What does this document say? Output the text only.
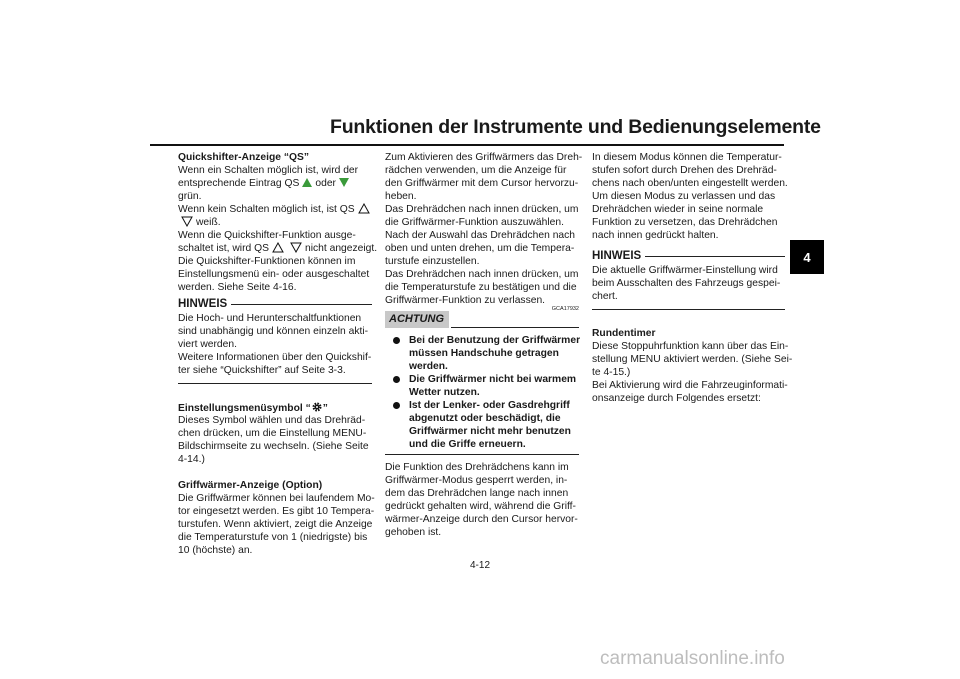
Funktionen der Instrumente und Bedienungselemente
4
Quickshifter-Anzeige “QS”
Wenn ein Schalten möglich ist, wird der
entsprechende Eintrag QS oder
grün.
Wenn kein Schalten möglich ist, ist QS
weiß.
Wenn die Quickshifter-Funktion ausge-
schaltet ist, wird QS	nicht angezeigt.
Die Quickshifter-Funktionen können im
Einstellungsmenü ein- oder ausgeschaltet
werden. Siehe Seite 4-16.
HINWEIS
Die Hoch- und Herunterschaltfunktionen
sind unabhängig und können einzeln akti-
viert werden.
Weitere Informationen über den Quickshif-
ter siehe “Quickshifter” auf Seite 3-3.
Einstellungsmenüsymbol “ ”
Dieses Symbol wählen und das Drehräd-
chen drücken, um die Einstellung MENU-
Bildschirmseite zu wechseln. (Siehe Seite
4-14.)
Griffwärmer-Anzeige (Option)
Die Griffwärmer können bei laufendem Mo-
tor eingesetzt werden. Es gibt 10 Tempera-
turstufen. Wenn aktiviert, zeigt die Anzeige
die Temperaturstufe von 1 (niedrigste) bis
10 (höchste) an.
Zum Aktivieren des Griffwärmers das Dreh-
rädchen verwenden, um die Anzeige für
den Griffwärmer mit dem Cursor hervorzu-
heben.
Das Drehrädchen nach innen drücken, um
die Griffwärmer-Funktion auszuwählen.
Nach der Auswahl das Drehrädchen nach
oben und unten drehen, um die Tempera-
turstufe einzustellen.
Das Drehrädchen nach innen drücken, um
die Temperaturstufe zu bestätigen und die
Griffwärmer-Funktion zu verlassen.
ACHTUNG
GCA17932
Bei der Benutzung der Griffwärmer
müssen Handschuhe getragen
werden.
Die Griffwärmer nicht bei warmem
Wetter nutzen.
Ist der Lenker- oder Gasdrehgriff
abgenutzt oder beschädigt, die
Griffwärmer nicht mehr benutzen
und die Griffe erneuern.
Die Funktion des Drehrädchens kann im
Griffwärmer-Modus gesperrt werden, in-
dem das Drehrädchen lange nach innen
gedrückt gehalten wird, während die Griff-
wärmer-Anzeige durch den Cursor hervor-
gehoben ist.
In diesem Modus können die Temperatur-
stufen sofort durch Drehen des Drehräd-
chens nach oben/unten eingestellt werden.
Um diesen Modus zu verlassen und das
Drehrädchen wieder in seine normale
Funktion zu versetzen, das Drehrädchen
nach innen gedrückt halten.
HINWEIS
Die aktuelle Griffwärmer-Einstellung wird
beim Ausschalten des Fahrzeugs gespei-
chert.
Rundentimer
Diese Stoppuhrfunktion kann über das Ein-
stellung MENU aktiviert werden. (Siehe Sei-
te 4-15.)
Bei Aktivierung wird die Fahrzeuginformati-
onsanzeige durch Folgendes ersetzt:
4-12
carmanualsonline.info
